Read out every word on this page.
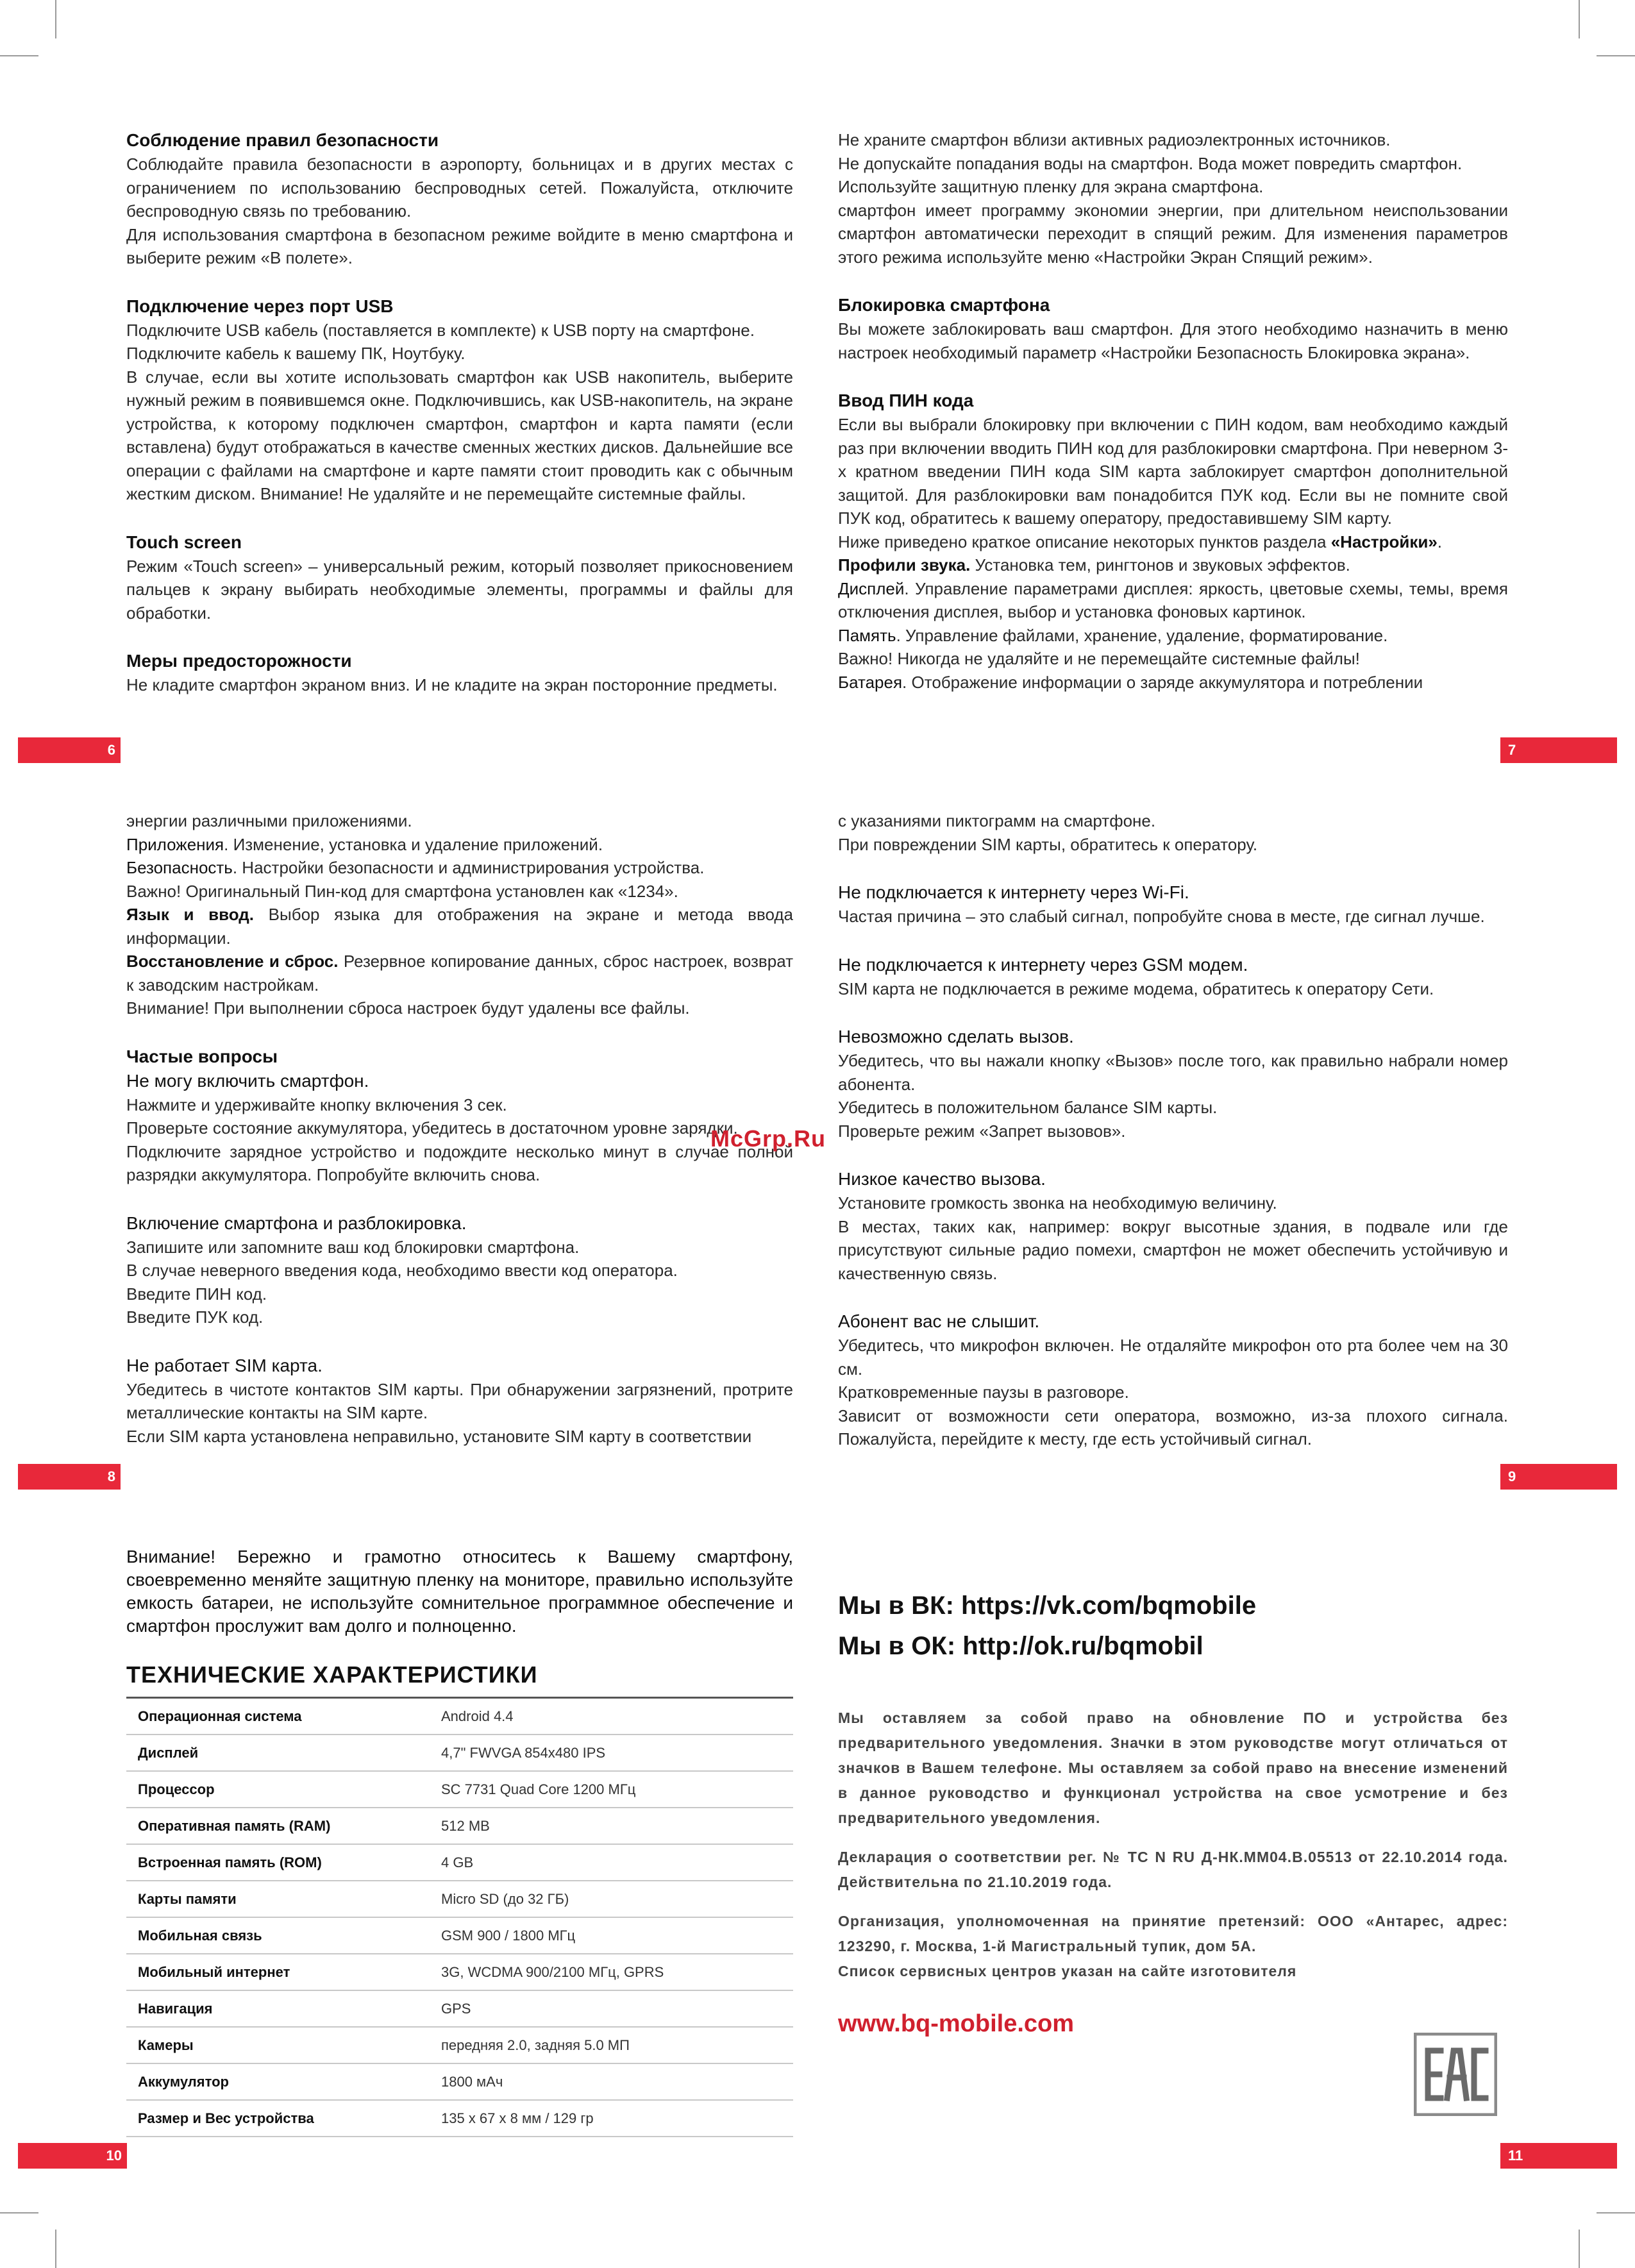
Соблюдение правил безопасности

Соблюдайте правила безопасности в аэропорту, больницах и в других местах с ограничением по использованию беспроводных сетей. Пожалуйста, отключите беспроводную связь по требованию.

Для использования смартфона в безопасном режиме войдите в меню смартфона и выберите режим «В полете».

Подключение через порт USB

Подключите USB кабель (поставляется в комплекте) к USB порту на смартфоне.

Подключите кабель к вашему ПК, Ноутбуку.

В случае, если вы хотите использовать смартфон как USB накопитель, выберите нужный режим в появившемся окне. Подключившись, как USB-накопитель, на экране устройства, к которому подключен смартфон, смартфон и карта памяти (если вставлена) будут отображаться в качестве сменных жестких дисков. Дальнейшие все операции с файлами на смартфоне и карте памяти стоит проводить как с обычным жестким диском. Внимание! Не удаляйте и не перемещайте системные файлы.

Touch screen

Режим «Touch screen» – универсальный режим, который позволяет прикосновением пальцев к экрану выбирать необходимые элементы, программы и файлы для обработки.

Меры предосторожности

Не кладите смартфон экраном вниз. И не кладите на экран посторонние предметы.

6

Не храните смартфон вблизи активных радиоэлектронных источников.

Не допускайте попадания воды на смартфон. Вода может повредить смартфон.

Используйте защитную пленку для экрана смартфона.

смартфон имеет программу экономии энергии, при длительном неиспользовании смартфон автоматически переходит в спящий режим. Для изменения параметров этого режима используйте меню «Настройки Экран Спящий режим».

Блокировка смартфона

Вы можете заблокировать ваш смартфон. Для этого необходимо назначить в меню настроек необходимый параметр «Настройки Безопасность Блокировка экрана».

Ввод ПИН кода

Если вы выбрали блокировку при включении с ПИН кодом, вам необходимо каждый раз при включении вводить ПИН код для разблокировки смартфона. При неверном 3-х кратном введении ПИН кода SIM карта заблокирует смартфон дополнительной защитой. Для разблокировки вам понадобится ПУК код. Если вы не помните свой ПУК код, обратитесь к вашему оператору, предоставившему SIM карту.

Ниже приведено краткое описание некоторых пунктов раздела «Настройки».

Профили звука. Установка тем, рингтонов и звуковых эффектов.

Дисплей. Управление параметрами дисплея: яркость, цветовые схемы, темы, время отключения дисплея, выбор и установка фоновых картинок.

Память. Управление файлами, хранение, удаление, форматирование.

Важно! Никогда не удаляйте и не перемещайте системные файлы!

Батарея. Отображение информации о заряде аккумулятора и потреблении

7

энергии различными приложениями.

Приложения. Изменение, установка и удаление приложений.

Безопасность. Настройки безопасности и администрирования устройства.

Важно! Оригинальный Пин-код для смартфона установлен как «1234».

Язык и ввод. Выбор языка для отображения на экране и метода ввода информации.

Восстановление и сброс. Резервное копирование данных, сброс настроек, возврат к заводским настройкам.

Внимание! При выполнении сброса настроек будут удалены все файлы.

Частые вопросы
Не могу включить смартфон.

Нажмите и удерживайте кнопку включения 3 сек.

Проверьте состояние аккумулятора, убедитесь в достаточном уровне зарядки.

Подключите зарядное устройство и подождите несколько минут в случае полной разрядки аккумулятора. Попробуйте включить снова.

Включение смартфона и разблокировка.

Запишите или запомните ваш код блокировки смартфона.

В случае неверного введения кода, необходимо ввести код оператора.

Введите ПИН код.

Введите ПУК код.

Не работает SIM карта.

Убедитесь в чистоте контактов SIM карты. При обнаружении загрязнений, протрите металлические контакты на SIM карте.

Если SIM карта установлена неправильно, установите SIM карту в соответствии

8
McGrp.Ru

с указаниями пиктограмм на смартфоне.

При повреждении SIM карты, обратитесь к оператору.

Не подключается к интернету через Wi-Fi.

Частая причина – это слабый сигнал, попробуйте снова в месте, где сигнал лучше.

Не подключается к интернету через GSM модем.

SIM карта не подключается в режиме модема, обратитесь к оператору Сети.

Невозможно сделать вызов.

Убедитесь, что вы нажали кнопку «Вызов» после того, как правильно набрали номер абонента.

Убедитесь в положительном балансе SIM карты.

Проверьте режим «Запрет вызовов».

Низкое качество вызова.

Установите громкость звонка на необходимую величину.

В местах, таких как, например: вокруг высотные здания, в подвале или где присутствуют сильные радио помехи, смартфон не может обеспечить устойчивую и качественную связь.

Абонент вас не слышит.

Убедитесь, что микрофон включен. Не отдаляйте микрофон ото рта более чем на 30 см.

Кратковременные паузы в разговоре.

Зависит от возможности сети оператора, возможно, из-за плохого сигнала. Пожалуйста, перейдите к месту, где есть устойчивый сигнал.

9

Внимание! Бережно и грамотно относитесь к Вашему смартфону, своевременно меняйте защитную пленку на мониторе, правильно используйте емкость батареи, не используйте сомнительное программное обеспечение и смартфон прослужит вам долго и полноценно.

ТЕХНИЧЕСКИЕ ХАРАКТЕРИСТИКИ
Операционная система	Android 4.4
Дисплей	4,7" FWVGA 854x480 IPS
Процессор	SC 7731 Quad Core 1200 МГц
Оперативная память (RAM)	512 MB
Встроенная память (ROM)	4 GB
Карты памяти	Micro SD (до 32 ГБ)
Мобильная связь	GSM 900 / 1800 МГц
Мобильный интернет	3G, WCDMA 900/2100 МГц, GPRS
Навигация	GPS
Камеры	передняя 2.0, задняя 5.0 МП
Аккумулятор	1800 мАч
Размер и Вес устройства	135 x 67 x 8 мм / 129 гр
10
Мы в ВК: https://vk.com/bqmobile
Мы в ОК: http://ok.ru/bqmobil

Мы оставляем за собой право на обновление ПО и устройства без предварительного уведомления. Значки в этом руководстве могут отличаться от значков в Вашем телефоне. Мы оставляем за собой право на внесение изменений в данное руководство и функционал устройства на свое усмотрение и без предварительного уведомления.

Декларация о соответствии рег. № ТС N RU Д-НК.ММ04.В.05513 от 22.10.2014 года. Действительна по 21.10.2019 года.

Организация, уполномоченная на принятие претензий: ООО «Антарес, адрес: 123290, г. Москва, 1-й Магистральный тупик, дом 5А.

Список сервисных центров указан на сайте изготовителя

www.bq-mobile.com
11
